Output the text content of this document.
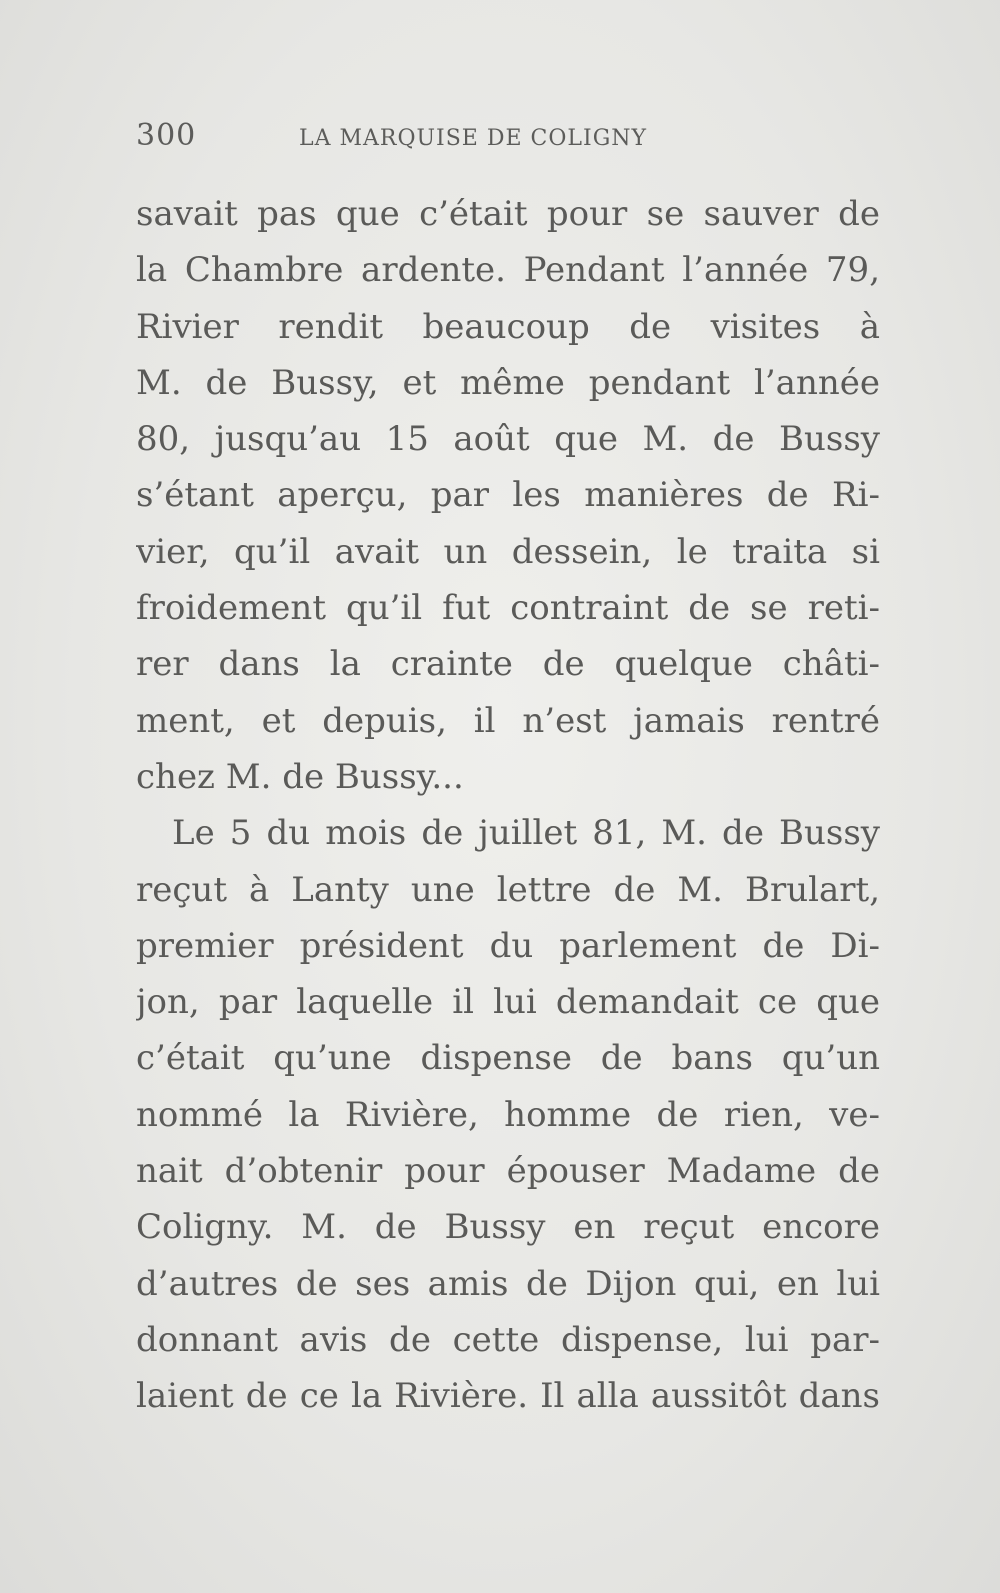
300	LA MARQUISE DE COLIGNY
savait pas que c’était pour se sauver de
la Chambre ardente. Pendant l’année 79,
Rivier rendit beaucoup de visites à
M. de Bussy, et même pendant l’année
80, jusqu’au 15 août que M. de Bussy
s’étant aperçu, par les manières de Ri-
vier, qu’il avait un dessein, le traita si
froidement qu’il fut contraint de se reti-
rer dans la crainte de quelque châti-
ment, et depuis, il n’est jamais rentré
chez M. de Bussy...
Le 5 du mois de juillet 81, M. de Bussy
reçut à Lanty une lettre de M. Brulart,
premier président du parlement de Di-
jon, par laquelle il lui demandait ce que
c’était qu’une dispense de bans qu’un
nommé la Rivière, homme de rien, ve-
nait d’obtenir pour épouser Madame de
Coligny. M. de Bussy en reçut encore
d’autres de ses amis de Dijon qui, en lui
donnant avis de cette dispense, lui par-
laient de ce la Rivière. Il alla aussitôt dans
